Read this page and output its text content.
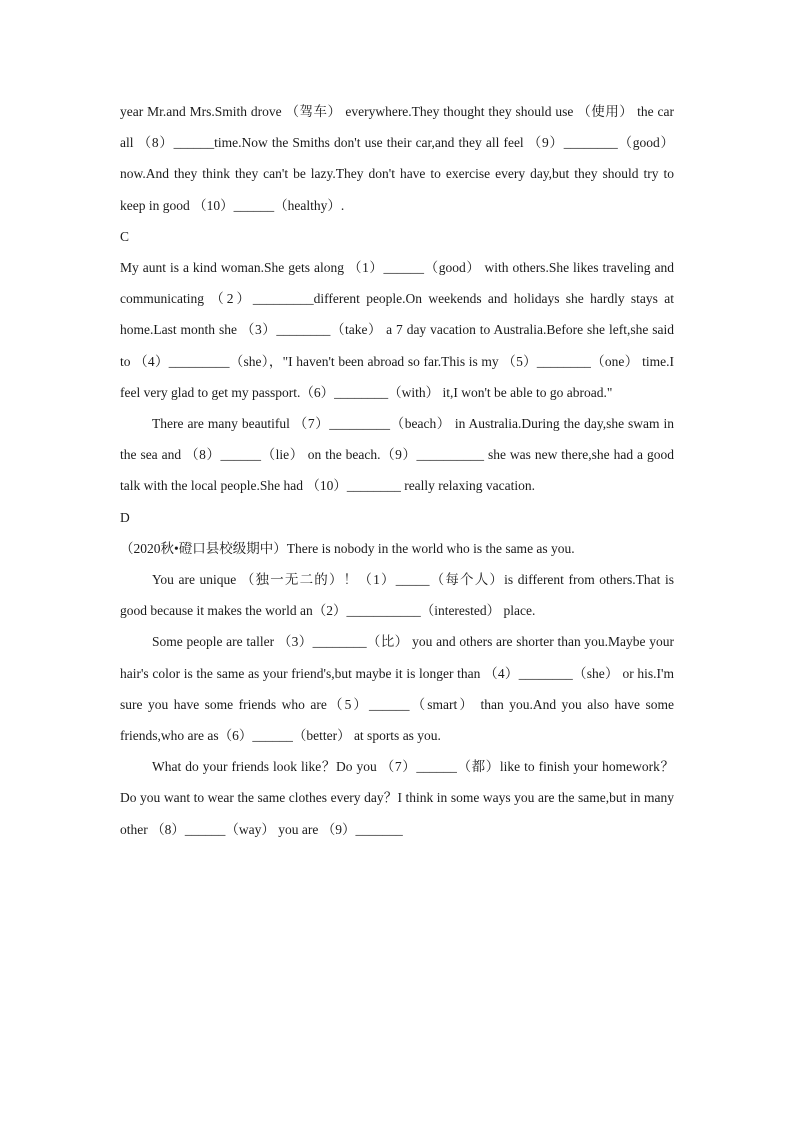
year Mr.and Mrs.Smith drove （驾车） everywhere.They thought they should use （使用） the car all （8）______time.Now the Smiths don't use their car,and they all feel （9）________（good） now.And they think they can't be lazy.They don't have to exercise every day,but they should try to keep in good （10）______（healthy）.

C

My aunt is a kind woman.She gets along （1）______（good） with others.She likes traveling and communicating （2）_________different people.On weekends and holidays she hardly stays at home.Last month she （3）________（take） a 7 day vacation to Australia.Before she left,she said to （4）_________（she），"I haven't been abroad so far.This is my （5）________（one） time.I feel very glad to get my passport.（6）________（with） it,I won't be able to go abroad."

There are many beautiful （7）_________（beach） in Australia.During the day,she swam in the sea and （8）______（lie） on the beach.（9）__________ she was new there,she had a good talk with the local people.She had （10）________ really relaxing vacation.

D

（2020秋•磴口县校级期中）There is nobody in the world who is the same as you.

You are unique （独一无二的）！（1）_____（每个人）is different from others.That is good because it makes the world an（2）___________（interested） place.

Some people are taller （3）________（比） you and others are shorter than you.Maybe your hair's color is the same as your friend's,but maybe it is longer than （4）________（she） or his.I'm sure you have some friends who are（5）______（smart） than you.And you also have some friends,who are as（6）______（better） at sports as you.

What do your friends look like？Do you （7）______（都）like to finish your homework？Do you want to wear the same clothes every day？I think in some ways you are the same,but in many other （8）______（way） you are （9）_______
